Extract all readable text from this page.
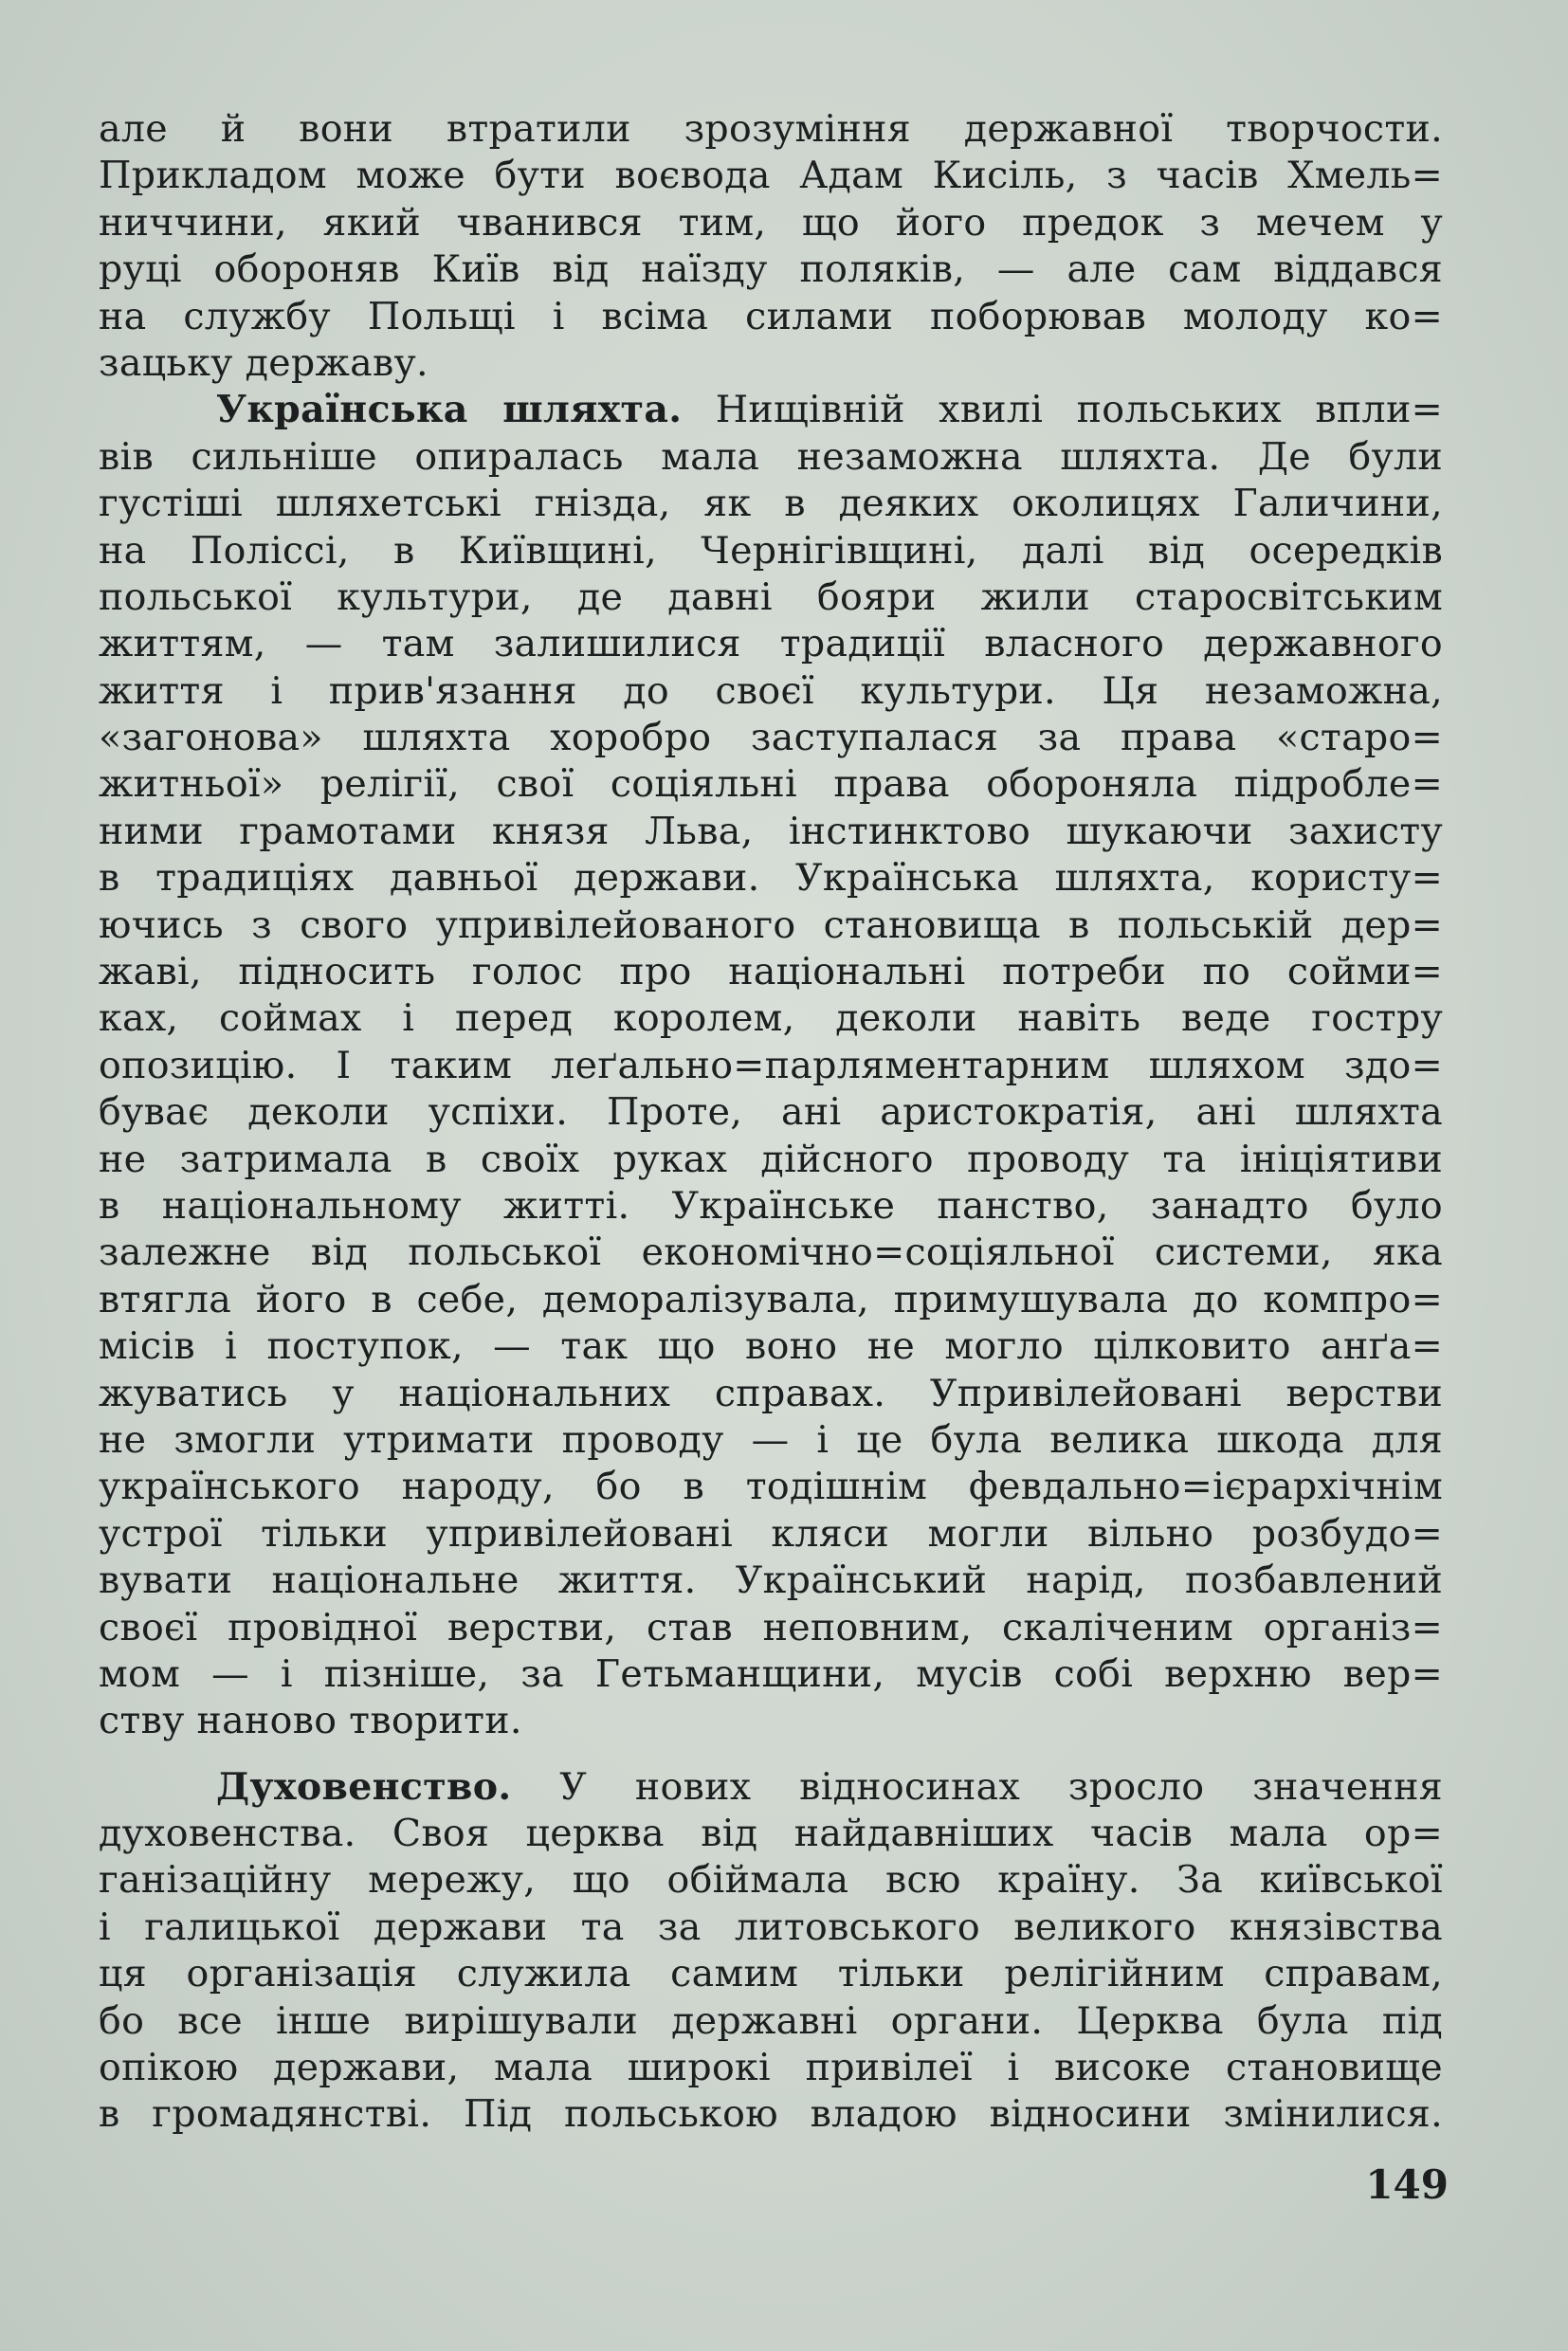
але й вони втратили зрозуміння державної творчости.
Прикладом може бути воєвода Адам Кисіль, з часів Хмель=
ниччини, який чванився тим, що його предок з мечем у
руці обороняв Київ від наїзду поляків, — але сам віддався
на службу Польщі і всіма силами поборював молоду ко=
зацьку державу.
Українська шляхта. Нищівній хвилі польських впли=
вів сильніше опиралась мала незаможна шляхта. Де були
густіші шляхетські гнізда, як в деяких околицях Галичини,
на Поліссі, в Київщині, Чернігівщині, далі від осередків
польської культури, де давні бояри жили старосвітським
життям, — там залишилися традиції власного державного
життя і прив'язання до своєї культури. Ця незаможна,
«загонова» шляхта хоробро заступалася за права «старо=
житньої» релігії, свої соціяльні права обороняла підробле=
ними грамотами князя Льва, інстинктово шукаючи захисту
в традиціях давньої держави. Українська шляхта, користу=
ючись з свого упривілейованого становища в польській дер=
жаві, підносить голос про національні потреби по сойми=
ках, соймах і перед королем, деколи навіть веде гостру
опозицію. І таким леґально=парляментарним шляхом здо=
буває деколи успіхи. Проте, ані аристократія, ані шляхта
не затримала в своїх руках дійсного проводу та ініціятиви
в національному житті. Українське панство, занадто було
залежне від польської економічно=соціяльної системи, яка
втягла його в себе, деморалізувала, примушувала до компро=
місів і поступок, — так що воно не могло цілковито анґа=
жуватись у національних справах. Упривілейовані верстви
не змогли утримати проводу — і це була велика шкода для
українського народу, бо в тодішнім февдально=ієрархічнім
устрої тільки упривілейовані кляси могли вільно розбудо=
вувати національне життя. Український нарід, позбавлений
своєї провідної верстви, став неповним, скаліченим організ=
мом — і пізніше, за Гетьманщини, мусів собі верхню вер=
ству наново творити.
Духовенство. У нових відносинах зросло значення
духовенства. Своя церква від найдавніших часів мала ор=
ганізаційну мережу, що обіймала всю країну. За київської
і галицької держави та за литовського великого князівства
ця організація служила самим тільки релігійним справам,
бо все інше вирішували державні органи. Церква була під
опікою держави, мала широкі привілеї і високе становище
в громадянстві. Під польською владою відносини змінилися.
149
